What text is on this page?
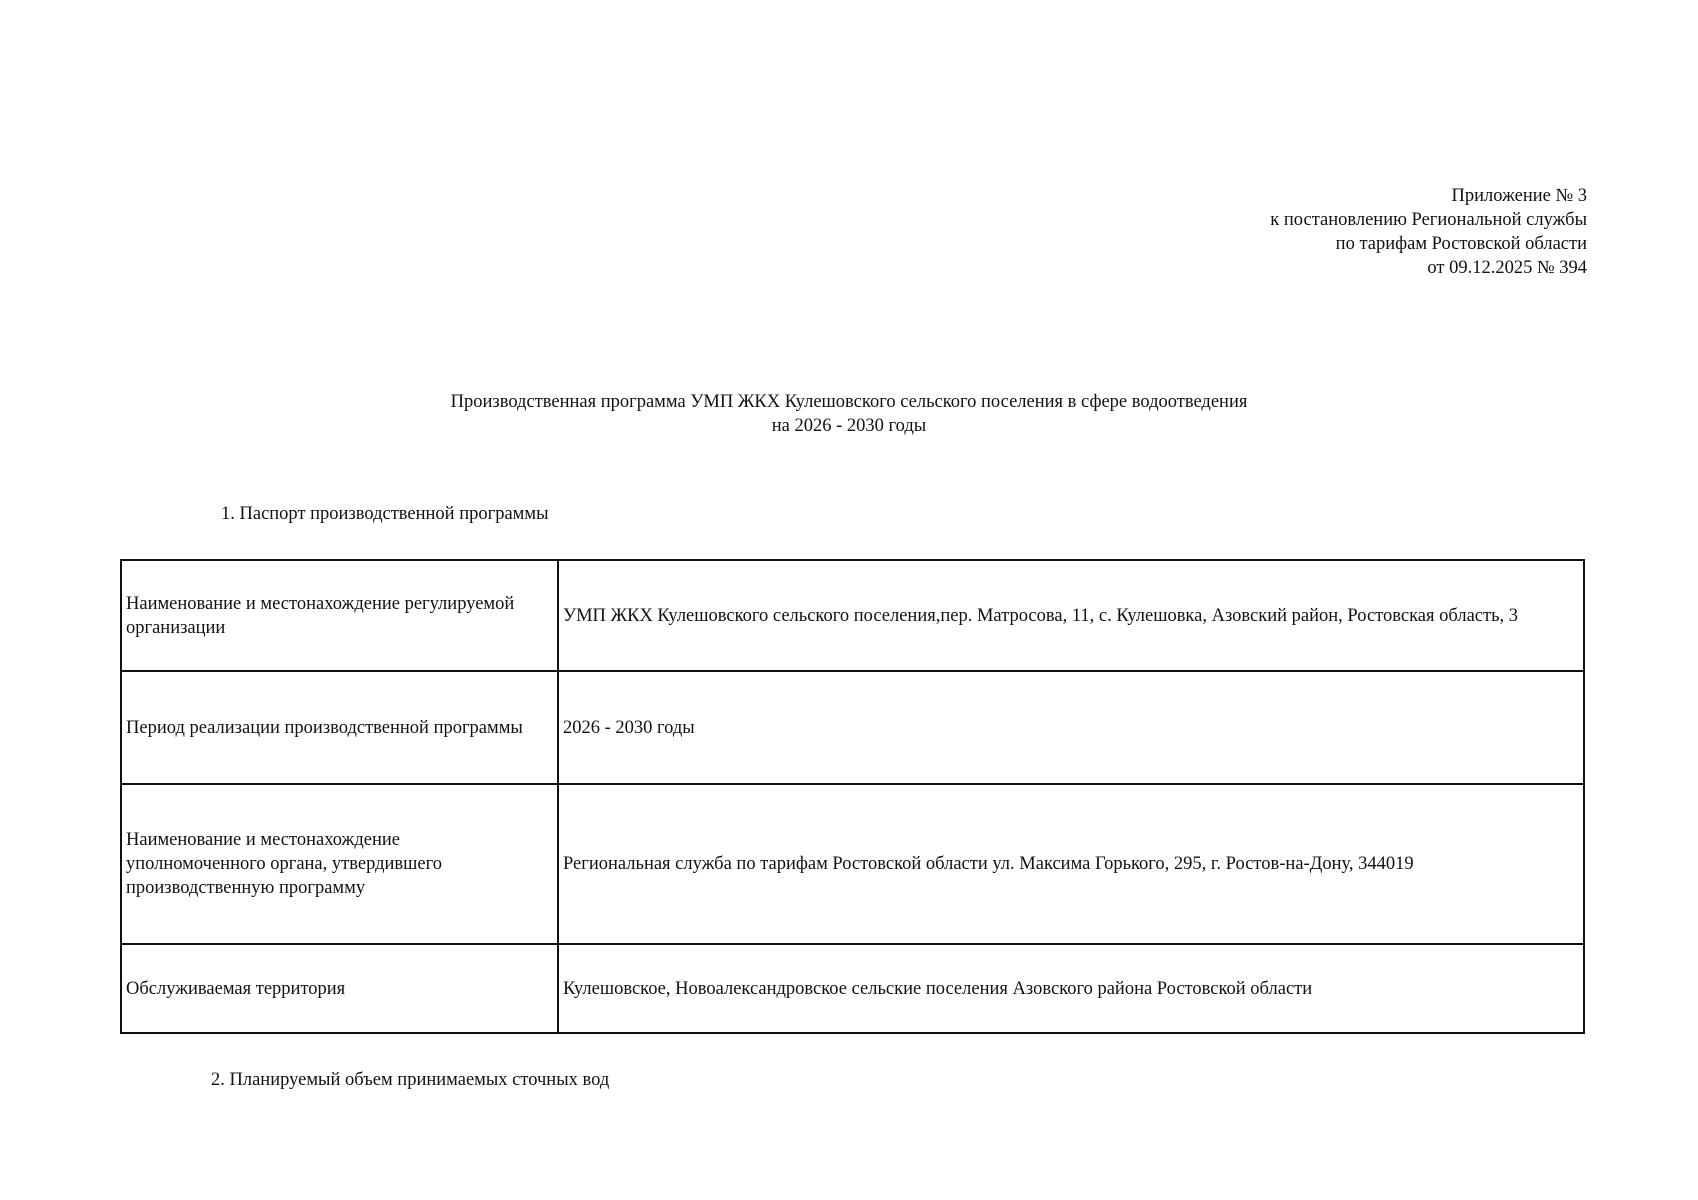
Приложение № 3
к постановлению Региональной службы
по тарифам Ростовской области
от 09.12.2025 № 394
Производственная программа УМП ЖКХ Кулешовского сельского поселения в сфере водоотведения
на 2026 - 2030 годы
1. Паспорт производственной программы
Наименование и местонахождение регулируемой
организации	УМП ЖКХ Кулешовского сельского поселения,пер. Матросова, 11, с. Кулешовка, Азовский район, Ростовская область, 3
Период реализации производственной программы	2026 - 2030 годы
Наименование и местонахождение
уполномоченного органа, утвердившего
производственную программу	Региональная служба по тарифам Ростовской области ул. Максима Горького, 295, г. Ростов-на-Дону, 344019
Обслуживаемая территория	Кулешовское, Новоалександровское сельские поселения Азовского района Ростовской области
2. Планируемый объем принимаемых сточных вод
